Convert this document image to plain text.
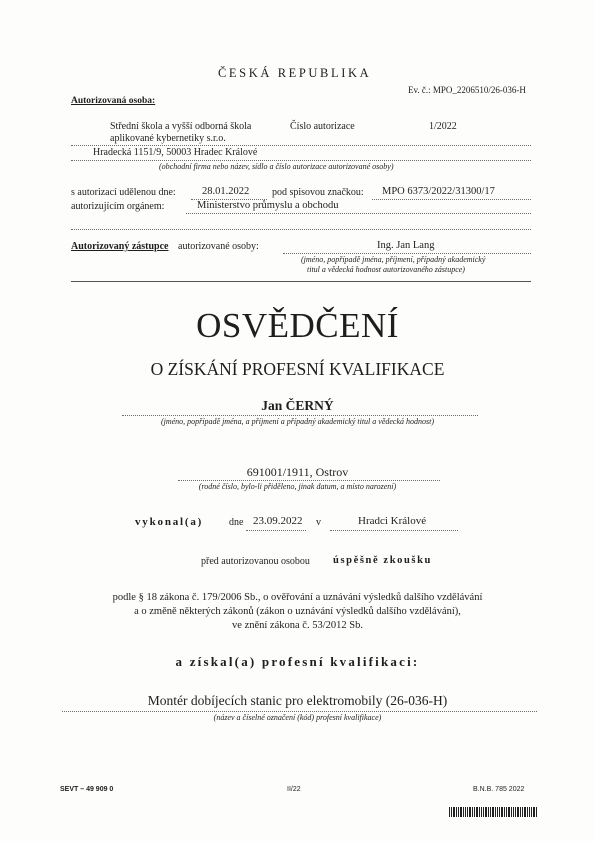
ČESKÁ REPUBLIKA
Ev. č.: MPO_2206510/26-036-H
Autorizovaná osoba:
Střední škola a vyšší odborná škola
aplikované kybernetiky s.r.o.
Číslo autorizace	1/2022
Hradecká 1151/9, 50003 Hradec Králové
(obchodní firma nebo název, sídlo a číslo autorizace autorizované osoby)
s autorizací udělenou dne:	28.01.2022 pod spisovou značkou: MPO 6373/2022/31300/17
autorizujícím orgánem:	Ministerstvo průmyslu a obchodu
Autorizovaný zástupce autorizované osoby:	Ing. Jan Lang
(jméno, popřípadě jména, příjmení, případný akademický
titul a vědecká hodnost autorizovaného zástupce)
OSVĚDČENÍ
O ZÍSKÁNÍ PROFESNÍ KVALIFIKACE
Jan ČERNÝ
(jméno, popřípadě jména, a příjmení a případný akademický titul a vědecká hodnost)
691001/1911, Ostrov
(rodné číslo, bylo-li přiděleno, jinak datum, a místo narození)
vykonal(a)	dne 23.09.2022 v	Hradci Králové
před autorizovanou osobou úspěšně zkoušku
podle § 18 zákona č. 179/2006 Sb., o ověřování a uznávání výsledků dalšího vzdělávání
a o změně některých zákonů (zákon o uznávání výsledků dalšího vzdělávání),
ve znění zákona č. 53/2012 Sb.
a získal(a) profesní kvalifikaci:
Montér dobíjecích stanic pro elektromobily (26-036-H)
(název a číselné označení (kód) profesní kvalifikace)
SEVT – 49 909 0	II/22	B.N.B. 785 2022
